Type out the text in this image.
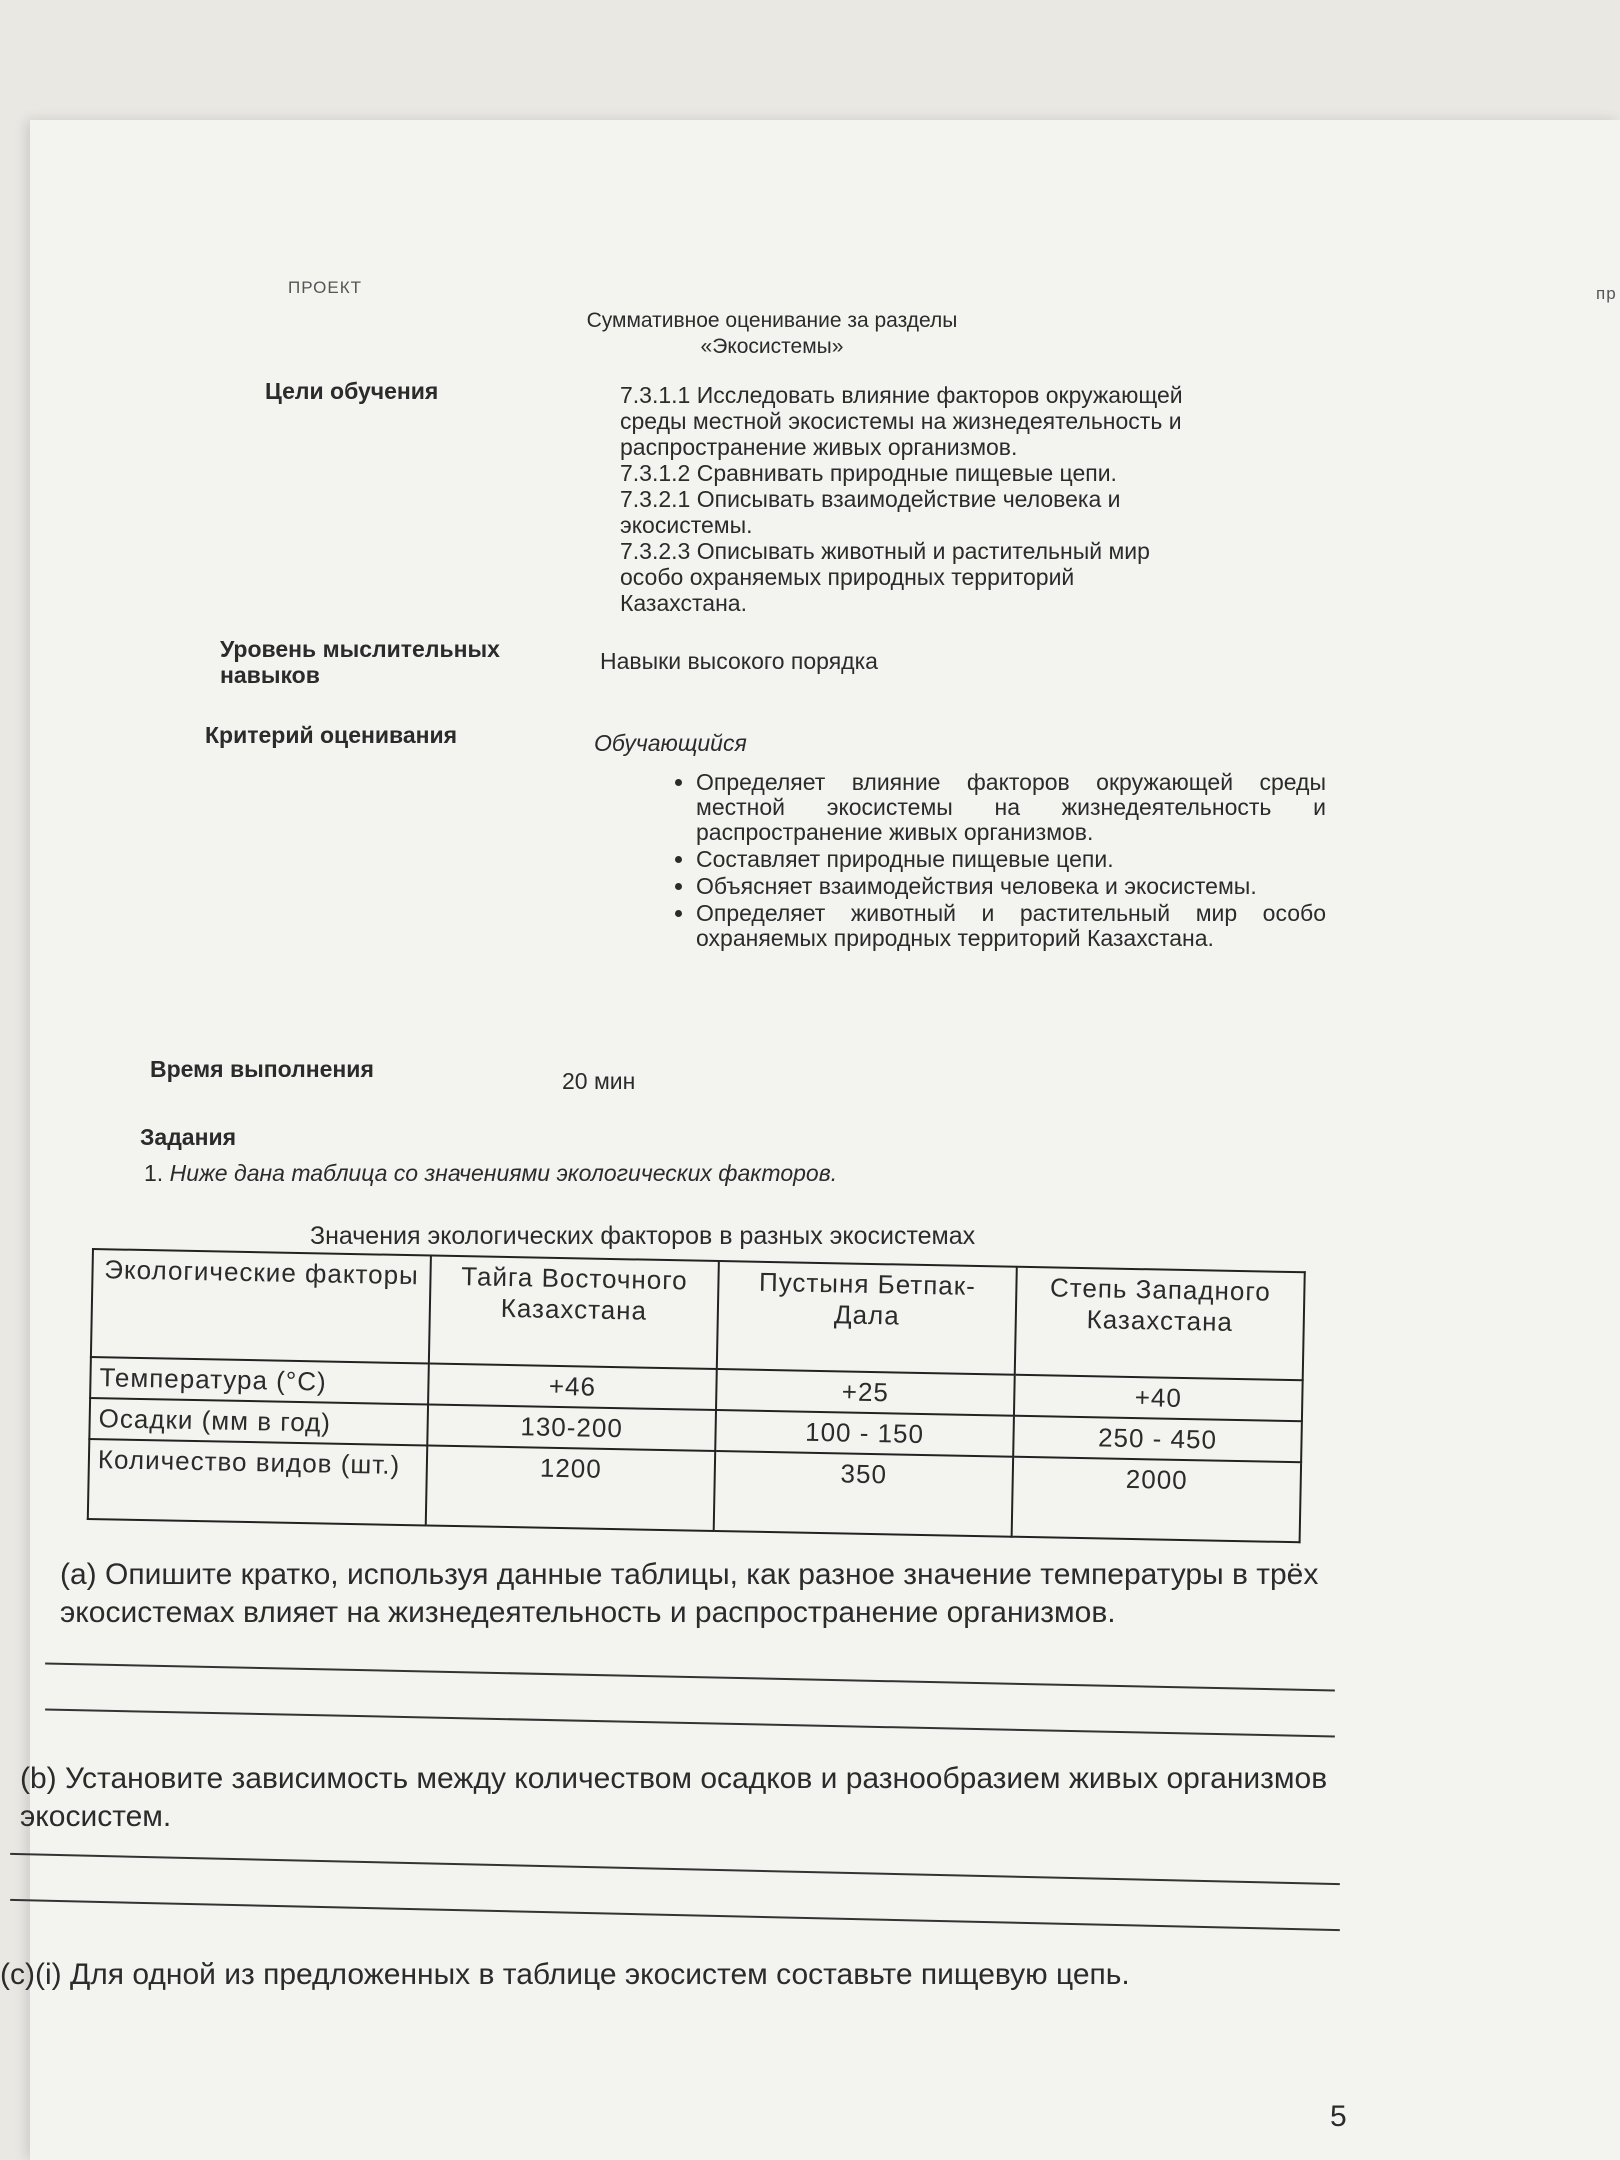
ПРОЕКТ	пр
Суммативное оценивание за разделы
«Экосистемы»
Цели обучения	7.3.1.1 Исследовать влияние факторов окружающей
среды местной экосистемы на жизнедеятельность и
распространение живых организмов.
7.3.1.2 Сравнивать природные пищевые цепи.
7.3.2.1 Описывать взаимодействие человека и
экосистемы.
7.3.2.3 Описывать животный и растительный мир
особо охраняемых природных территорий
Казахстана.
Уровень мыслительных
навыков
Навыки высокого порядка
Критерий оценивания	Обучающийся
• Определяет влияние факторов окружающей среды местной экосистемы на жизнедеятельность и распространение живых организмов.
• Составляет природные пищевые цепи.
• Объясняет взаимодействия человека и экосистемы.
• Определяет животный и растительный мир особо охраняемых природных территорий Казахстана.
Время выполнения	20 мин
Задания
1. Ниже дана таблица со значениями экологических факторов.
Значения экологических факторов в разных экосистемах
Экологические факторы	Тайга Восточного Казахстана	Пустыня Бетпак-Дала	Степь Западного Казахстана
Температура (°С)	+46	+25	+40
Осадки (мм в год)	130-200	100 - 150	250 - 450
Количество видов (шт.)	1200	350	2000
(a) Опишите кратко, используя данные таблицы, как разное значение температуры в трёх экосистемах влияет на жизнедеятельность и распространение организмов.
(b) Установите зависимость между количеством осадков и разнообразием живых организмов экосистем.
(c)(i) Для одной из предложенных в таблице экосистем составьте пищевую цепь.
5
